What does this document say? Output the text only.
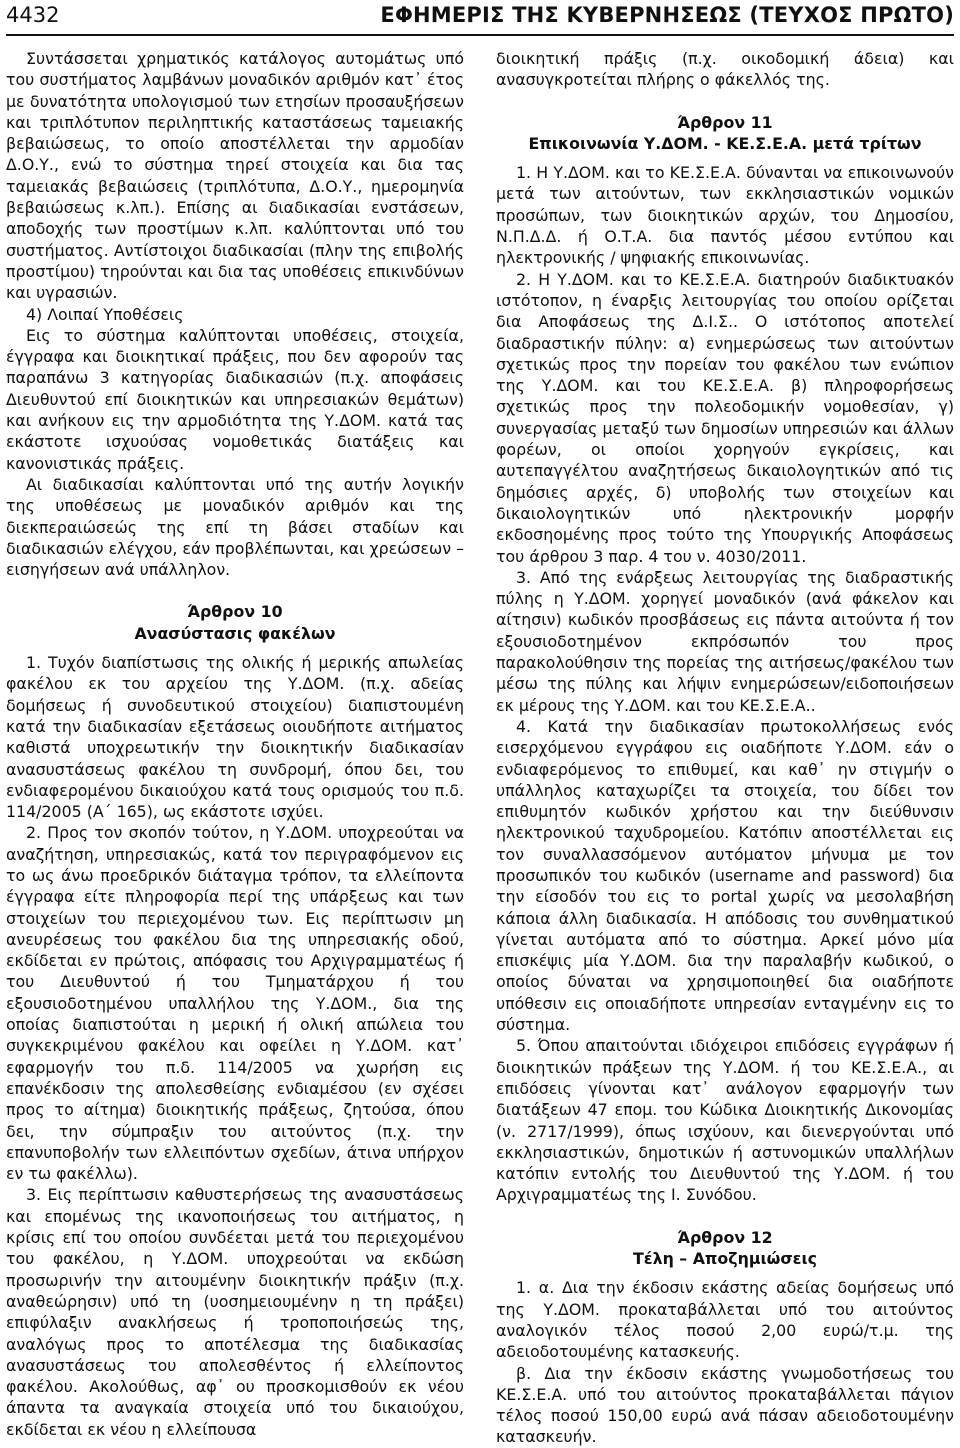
4432	ΕΦΗΜΕΡΙΣ ΤΗΣ ΚΥΒΕΡΝΗΣΕΩΣ (ΤΕΥΧΟΣ ΠΡΩΤΟ)

Συντάσσεται χρηματικός κατάλογος αυτομάτως υπό του συστήματος λαμβάνων μοναδικόν αριθμόν κατ᾽ έτος με δυνατότητα υπολογισμού των ετησίων προσαυξήσεων και τριπλότυπον περιληπτικής καταστάσεως ταμειακής βεβαιώσεως, το οποίο αποστέλλεται την αρμοδίαν Δ.Ο.Υ., ενώ το σύστημα τηρεί στοιχεία και δια τας ταμειακάς βεβαιώσεις (τριπλότυπα, Δ.Ο.Υ., ημερομηνία βεβαιώσεως κ.λπ.). Επίσης αι διαδικασίαι ενστάσεων, αποδοχής των προστίμων κ.λπ. καλύπτονται υπό του συστήματος. Αντίστοιχοι διαδικασίαι (πλην της επιβολής προστίμου) τηρούνται και δια τας υποθέσεις επικινδύνων και υγρασιών.

4) Λοιπαί Υποθέσεις

Εις το σύστημα καλύπτονται υποθέσεις, στοιχεία, έγγραφα και διοικητικαί πράξεις, που δεν αφορούν τας παραπάνω 3 κατηγορίας διαδικασιών (π.χ. αποφάσεις Διευθυντού επί διοικητικών και υπηρεσιακών θεμάτων) και ανήκουν εις την αρμοδιότητα της Υ.ΔΟΜ. κατά τας εκάστοτε ισχυούσας νομοθετικάς διατάξεις και κανονιστικάς πράξεις.

Αι διαδικασίαι καλύπτονται υπό της αυτήν λογικήν της υποθέσεως με μοναδικόν αριθμόν και της διεκπεραιώσεώς της επί τη βάσει σταδίων και διαδικασιών ελέγχου, εάν προβλέπωνται, και χρεώσεων – εισηγήσεων ανά υπάλληλον.

Άρθρον 10
Ανασύστασις φακέλων

1. Τυχόν διαπίστωσις της ολικής ή μερικής απωλείας φακέλου εκ του αρχείου της Υ.ΔΟΜ. (π.χ. αδείας δομήσεως ή συνοδευτικού στοιχείου) διαπιστουμένη κατά την διαδικασίαν εξετάσεως οιουδήποτε αιτήματος καθιστά υποχρεωτικήν την διοικητικήν διαδικασίαν ανασυστάσεως φακέλου τη συνδρομή, όπου δει, του ενδιαφερομένου δικαιούχου κατά τους ορισμούς του π.δ. 114/2005 (Α΄ 165), ως εκάστοτε ισχύει.

2. Προς τον σκοπόν τούτον, η Υ.ΔΟΜ. υποχρεούται να αναζήτηση, υπηρεσιακώς, κατά τον περιγραφόμενον εις το ως άνω προεδρικόν διάταγμα τρόπον, τα ελλείποντα έγγραφα είτε πληροφορία περί της υπάρξεως και των στοιχείων του περιεχομένου των. Εις περίπτωσιν μη ανευρέσεως του φακέλου δια της υπηρεσιακής οδού, εκδίδεται εν πρώτοις, απόφασις του Αρχιγραμματέως ή του Διευθυντού ή του Τμηματάρχου ή του εξουσιοδοτημένου υπαλλήλου της Υ.ΔΟΜ., δια της οποίας διαπιστούται η μερική ή ολική απώλεια του συγκεκριμένου φακέλου και οφείλει η Υ.ΔΟΜ. κατ᾽ εφαρμογήν του π.δ. 114/2005 να χωρήση εις επανέκδοσιν της απολεσθείσης ενδιαμέσου (εν σχέσει προς το αίτημα) διοικητικής πράξεως, ζητούσα, όπου δει, την σύμπραξιν του αιτούντος (π.χ. την επανυποβολήν των ελλειπόντων σχεδίων, άτινα υπήρχον εν τω φακέλλω).

3. Εις περίπτωσιν καθυστερήσεως της ανασυστάσεως και επομένως της ικανοποιήσεως του αιτήματος, η κρίσις επί του οποίου συνδέεται μετά του περιεχομένου του φακέλου, η Υ.ΔΟΜ. υποχρεούται να εκδώση προσωρινήν την αιτουμένην διοικητικήν πράξιν (π.χ. αναθεώρησιν) υπό τη (υοσημειουμένην η τη πράξει) επιφύλαξιν ανακλήσεως ή τροποποιήσεώς της, αναλόγως προς το αποτέλεσμα της διαδικασίας ανασυστάσεως του απολεσθέντος ή ελλείποντος φακέλου. Ακολούθως, αφ᾽ ου προσκομισθούν εκ νέου άπαντα τα αναγκαία στοιχεία υπό του δικαιούχου, εκδίδεται εκ νέου η ελλείπουσα

διοικητική πράξις (π.χ. οικοδομική άδεια) και ανασυγκροτείται πλήρης ο φάκελλός της.

Άρθρον 11
Επικοινωνία Υ.ΔΟΜ. - ΚΕ.Σ.Ε.Α. μετά τρίτων

1. Η Υ.ΔΟΜ. και το ΚΕ.Σ.Ε.Α. δύνανται να επικοινωνούν μετά των αιτούντων, των εκκλησιαστικών νομικών προσώπων, των διοικητικών αρχών, του Δημοσίου, Ν.Π.Δ.Δ. ή Ο.Τ.Α. δια παντός μέσου εντύπου και ηλεκτρονικής / ψηφιακής επικοινωνίας.

2. Η Υ.ΔΟΜ. και το ΚΕ.Σ.Ε.Α. διατηρούν διαδικτυακόν ιστότοπον, η έναρξις λειτουργίας του οποίου ορίζεται δια Αποφάσεως της Δ.Ι.Σ.. Ο ιστότοπος αποτελεί διαδραστικήν πύλην: α) ενημερώσεως των αιτούντων σχετικώς προς την πορείαν του φακέλου των ενώπιον της Υ.ΔΟΜ. και του ΚΕ.Σ.Ε.Α. β) πληροφορήσεως σχετικώς προς την πολεοδομικήν νομοθεσίαν, γ) συνεργασίας μεταξύ των δημοσίων υπηρεσιών και άλλων φορέων, οι οποίοι χορηγούν εγκρίσεις, και αυτεπαγγέλτου αναζητήσεως δικαιολογητικών από τις δημόσιες αρχές, δ) υποβολής των στοιχείων και δικαιολογητικών υπό ηλεκτρονικήν μορφήν εκδοσηομένης προς τούτο της Υπουργικής Αποφάσεως του άρθρου 3 παρ. 4 του ν. 4030/2011.

3. Από της ενάρξεως λειτουργίας της διαδραστικής πύλης η Υ.ΔΟΜ. χορηγεί μοναδικόν (ανά φάκελον και αίτησιν) κωδικόν προσβάσεως εις πάντα αιτούντα ή τον εξουσιοδοτημένον εκπρόσωπόν του προς παρακολούθησιν της πορείας της αιτήσεως/φακέλου των μέσω της πύλης και λήψιν ενημερώσεων/ειδοποιήσεων εκ μέρους της Υ.ΔΟΜ. και του ΚΕ.Σ.Ε.Α..

4. Κατά την διαδικασίαν πρωτοκολλήσεως ενός εισερχόμενου εγγράφου εις οιαδήποτε Υ.ΔΟΜ. εάν ο ενδιαφερόμενος το επιθυμεί, και καθ᾽ ην στιγμήν ο υπάλληλος καταχωρίζει τα στοιχεία, του δίδει τον επιθυμητόν κωδικόν χρήστου και την διεύθυνσιν ηλεκτρονικού ταχυδρομείου. Κατόπιν αποστέλλεται εις τον συναλλασσόμενον αυτόματον μήνυμα με τον προσωπικόν του κωδικόν (username and password) δια την είσοδόν του εις το portal χωρίς να μεσολαβήση κάποια άλλη διαδικασία. Η απόδοσις του συνθηματικού γίνεται αυτόματα από το σύστημα. Αρκεί μόνο μία επισκέψις μία Υ.ΔΟΜ. δια την παραλαβήν κωδικού, ο οποίος δύναται να χρησιμοποιηθεί δια οιαδήποτε υπόθεσιν εις οποιαδήποτε υπηρεσίαν ενταγμένην εις το σύστημα.

5. Όπου απαιτούνται ιδιόχειροι επιδόσεις εγγράφων ή διοικητικών πράξεων της Υ.ΔΟΜ. ή του ΚΕ.Σ.Ε.Α., αι επιδόσεις γίνονται κατ᾽ ανάλογον εφαρμογήν των διατάξεων 47 επομ. του Κώδικα Διοικητικής Δικονομίας (ν. 2717/1999), όπως ισχύουν, και διενεργούνται υπό εκκλησιαστικών, δημοτικών ή αστυνομικών υπαλλήλων κατόπιν εντολής του Διευθυντού της Υ.ΔΟΜ. ή του Αρχιγραμματέως της Ι. Συνόδου.

Άρθρον 12
Τέλη – Αποζημιώσεις

1. α. Δια την έκδοσιν εκάστης αδείας δομήσεως υπό της Υ.ΔΟΜ. προκαταβάλλεται υπό του αιτούντος αναλογικόν τέλος ποσού 2,00 ευρώ/τ.μ. της αδειοδοτουμένης κατασκευής.

β. Δια την έκδοσιν εκάστης γνωμοδοτήσεως του ΚΕ.Σ.Ε.Α. υπό του αιτούντος προκαταβάλλεται πάγιον τέλος ποσού 150,00 ευρώ ανά πάσαν αδειοδοτουμένην κατασκευήν.
